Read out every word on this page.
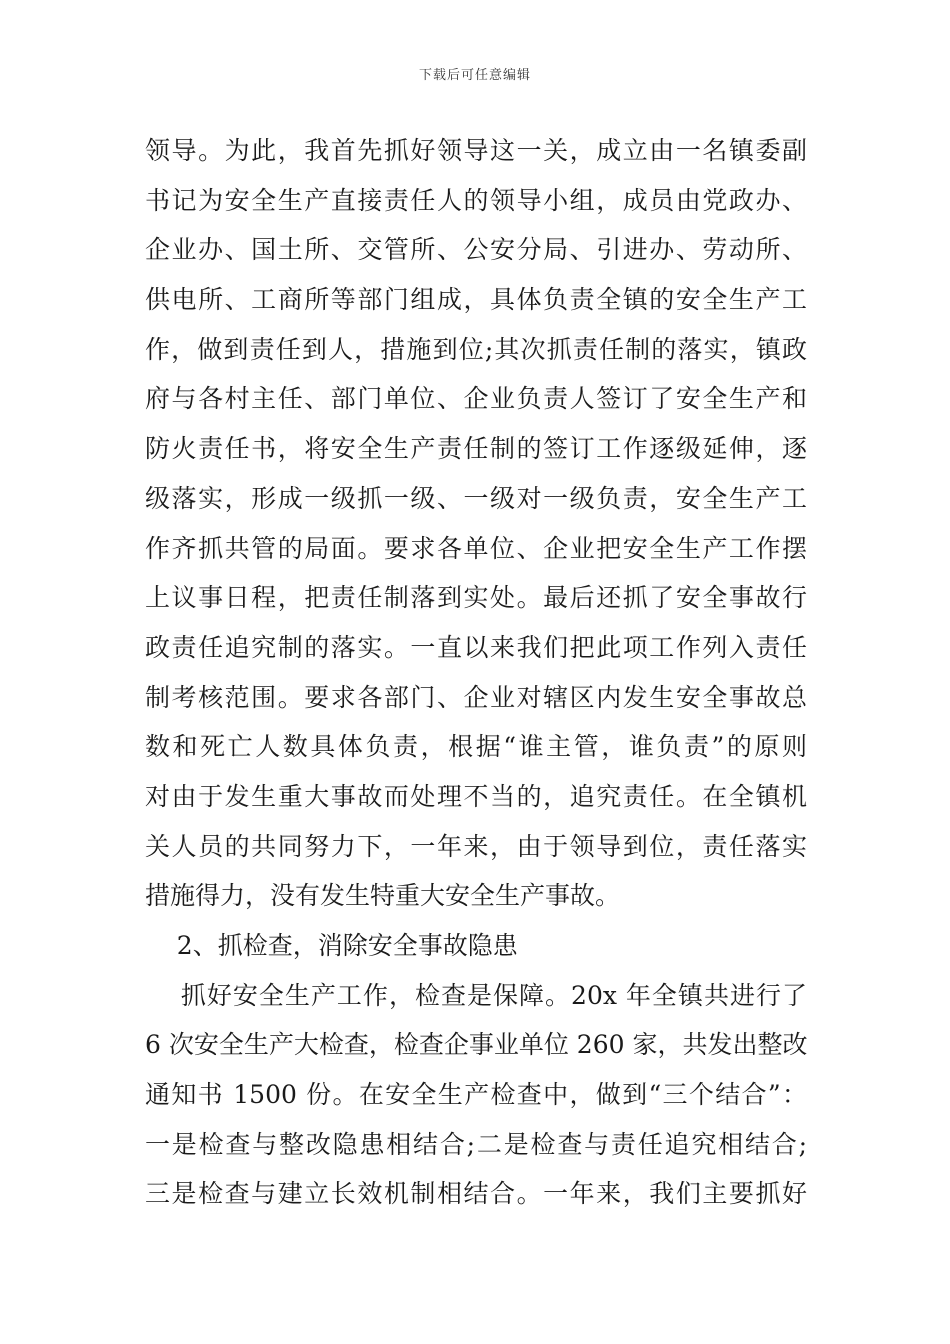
下载后可任意编辑
领导。为此，我首先抓好领导这一关，成立由一名镇委副
书记为安全生产直接责任人的领导小组，成员由党政办、
企业办、国土所、交管所、公安分局、引进办、劳动所、
供电所、工商所等部门组成，具体负责全镇的安全生产工
作，做到责任到人，措施到位;其次抓责任制的落实，镇政
府与各村主任、部门单位、企业负责人签订了安全生产和
防火责任书，将安全生产责任制的签订工作逐级延伸，逐
级落实，形成一级抓一级、一级对一级负责，安全生产工
作齐抓共管的局面。要求各单位、企业把安全生产工作摆
上议事日程，把责任制落到实处。最后还抓了安全事故行
政责任追究制的落实。一直以来我们把此项工作列入责任
制考核范围。要求各部门、企业对辖区内发生安全事故总
数和死亡人数具体负责，根据“谁主管，谁负责”的原则
对由于发生重大事故而处理不当的，追究责任。在全镇机
关人员的共同努力下，一年来，由于领导到位，责任落实
措施得力，没有发生特重大安全生产事故。
2、抓检查，消除安全事故隐患
抓好安全生产工作，检查是保障。20x 年全镇共进行了
6 次安全生产大检查，检查企事业单位 260 家，共发出整改
通知书 1500 份。在安全生产检查中，做到“三个结合”：
一是检查与整改隐患相结合;二是检查与责任追究相结合;
三是检查与建立长效机制相结合。一年来，我们主要抓好
